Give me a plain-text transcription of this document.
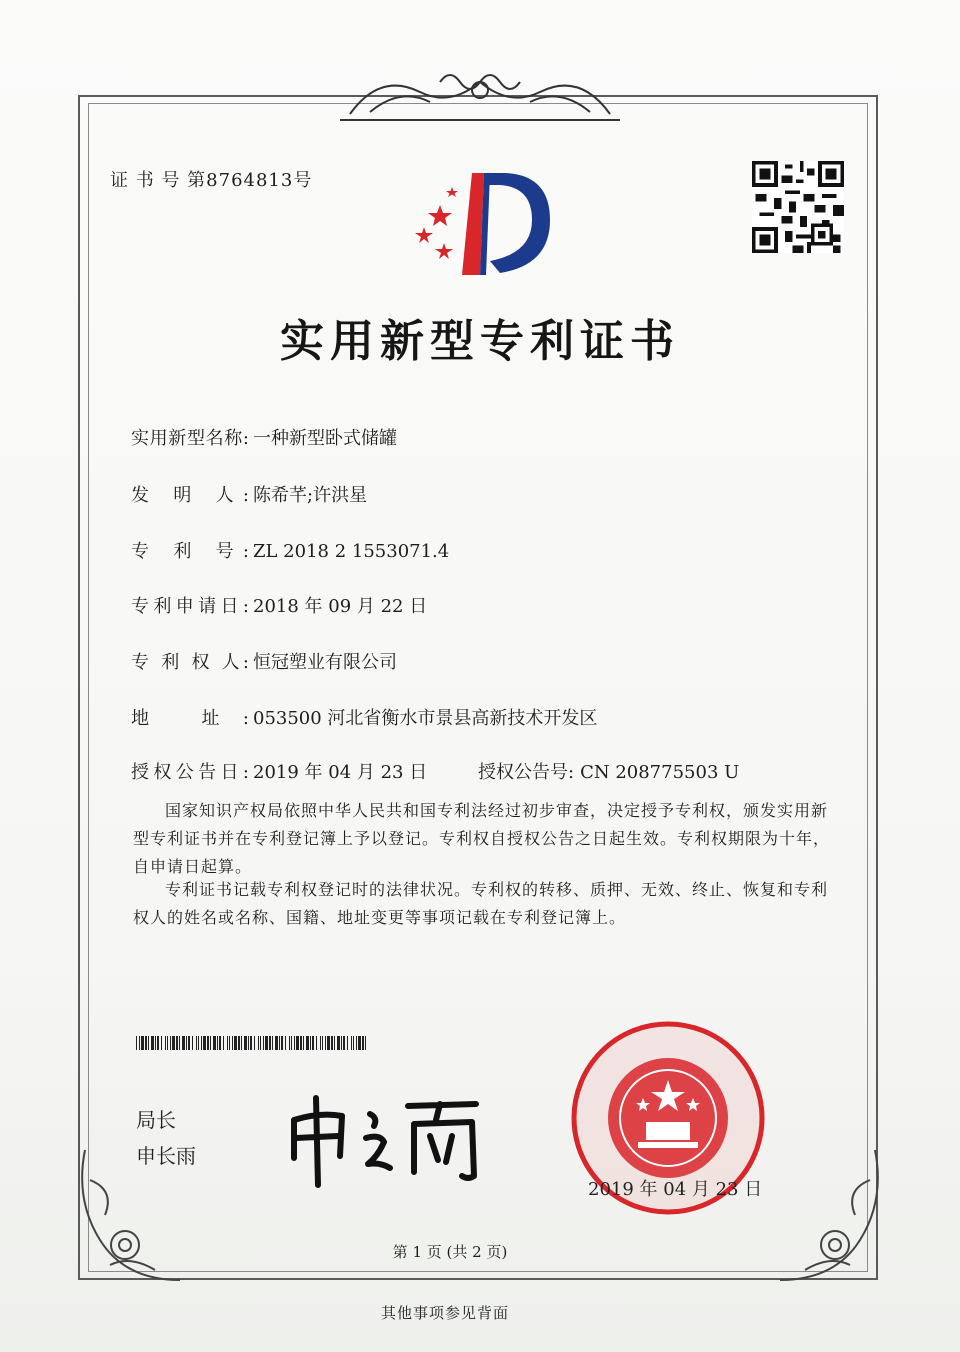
证 书 号 第8764813号
实用新型专利证书
实用新型名称: 一种新型卧式储罐
发 明 人: 陈希芊;许洪星
专 利 号: ZL 2018 2 1553071.4
专利申请日: 2018 年 09 月 22 日
专 利 权 人: 恒冠塑业有限公司
地 址: 053500 河北省衡水市景县高新技术开发区
授权公告日: 2019 年 04 月 23 日	授权公告号: CN 208775503 U
国家知识产权局依照中华人民共和国专利法经过初步审查，决定授予专利权，颁发实用新型专利证书并在专利登记簿上予以登记。专利权自授权公告之日起生效。专利权期限为十年，自申请日起算。
专利证书记载专利权登记时的法律状况。专利权的转移、质押、无效、终止、恢复和专利权人的姓名或名称、国籍、地址变更等事项记载在专利登记簿上。
局长
申长雨
2019 年 04 月 23 日
第 1 页 (共 2 页)
其他事项参见背面
